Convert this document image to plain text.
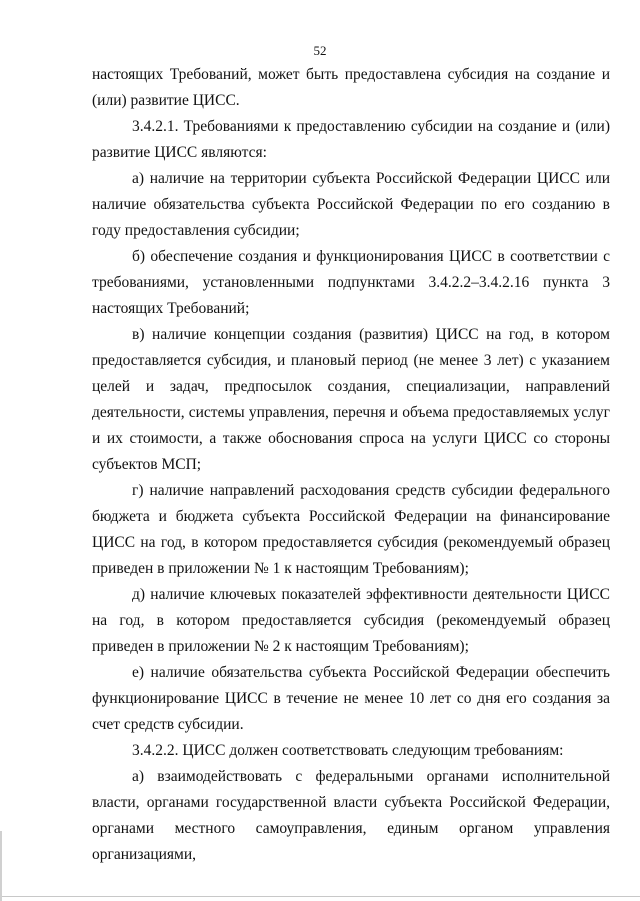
52

настоящих Требований, может быть предоставлена субсидия на создание и (или) развитие ЦИСС.

3.4.2.1. Требованиями к предоставлению субсидии на создание и (или) развитие ЦИСС являются:

а) наличие на территории субъекта Российской Федерации ЦИСС или наличие обязательства субъекта Российской Федерации по его созданию в году предоставления субсидии;

б) обеспечение создания и функционирования ЦИСС в соответствии с требованиями, установленными подпунктами 3.4.2.2–3.4.2.16 пункта 3 настоящих Требований;

в) наличие концепции создания (развития) ЦИСС на год, в котором предоставляется субсидия, и плановый период (не менее 3 лет) с указанием целей и задач, предпосылок создания, специализации, направлений деятельности, системы управления, перечня и объема предоставляемых услуг и их стоимости, а также обоснования спроса на услуги ЦИСС со стороны субъектов МСП;

г) наличие направлений расходования средств субсидии федерального бюджета и бюджета субъекта Российской Федерации на финансирование ЦИСС на год, в котором предоставляется субсидия (рекомендуемый образец приведен в приложении № 1 к настоящим Требованиям);

д) наличие ключевых показателей эффективности деятельности ЦИСС на год, в котором предоставляется субсидия (рекомендуемый образец приведен в приложении № 2 к настоящим Требованиям);

е) наличие обязательства субъекта Российской Федерации обеспечить функционирование ЦИСС в течение не менее 10 лет со дня его создания за счет средств субсидии.

3.4.2.2. ЦИСС должен соответствовать следующим требованиям:

а) взаимодействовать с федеральными органами исполнительной власти, органами государственной власти субъекта Российской Федерации, органами местного самоуправления, единым органом управления организациями,
